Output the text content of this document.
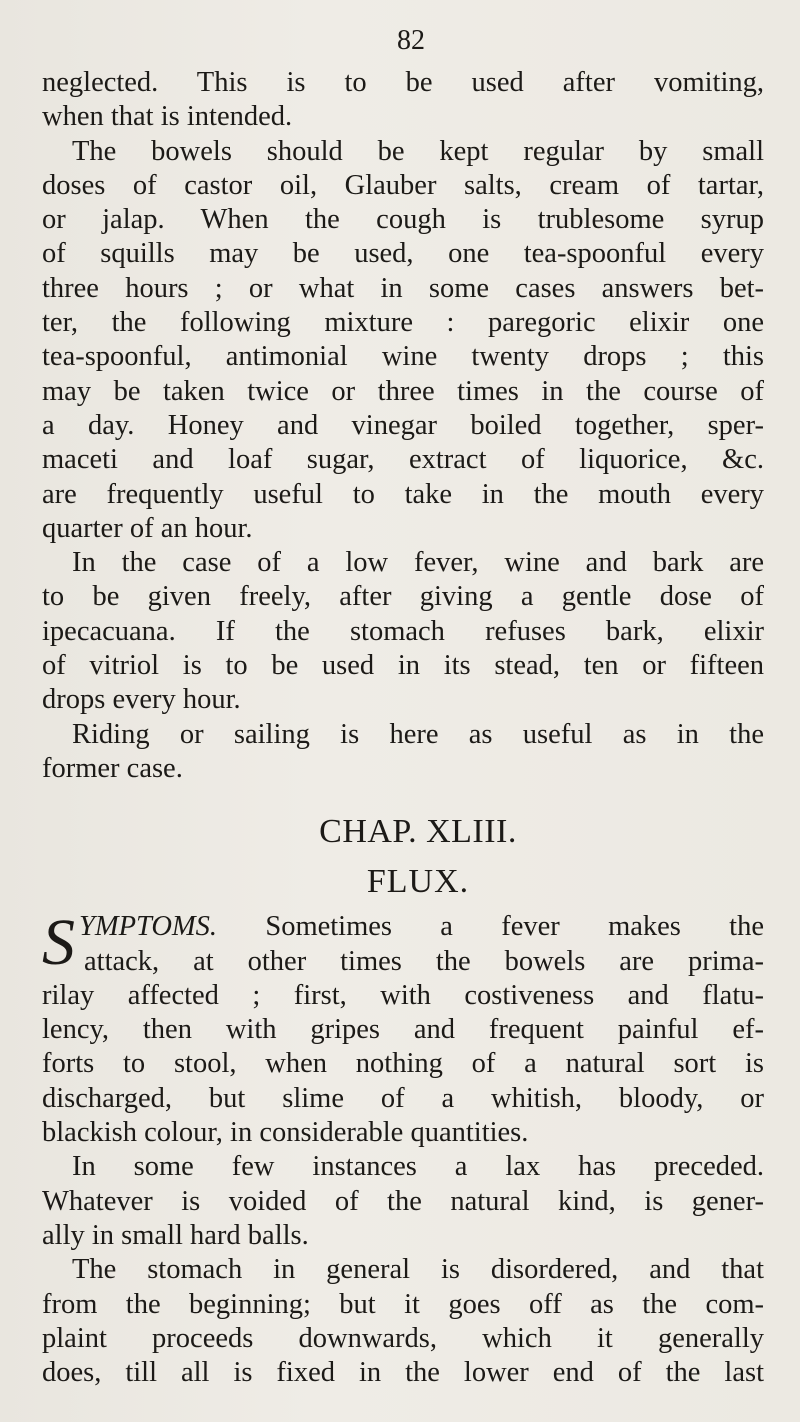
82
neglected. This is to be used after vomiting,
when that is intended.
The bowels should be kept regular by small
doses of castor oil, Glauber salts, cream of tartar,
or jalap. When the cough is trublesome syrup
of squills may be used, one tea-spoonful every
three hours ; or what in some cases answers bet-
ter, the following mixture : paregoric elixir one
tea-spoonful, antimonial wine twenty drops ; this
may be taken twice or three times in the course of
a day. Honey and vinegar boiled together, sper-
maceti and loaf sugar, extract of liquorice, &c.
are frequently useful to take in the mouth every
quarter of an hour.
In the case of a low fever, wine and bark are
to be given freely, after giving a gentle dose of
ipecacuana. If the stomach refuses bark, elixir
of vitriol is to be used in its stead, ten or fifteen
drops every hour.
Riding or sailing is here as useful as in the
former case.
CHAP. XLIII.
FLUX.
S YMPTOMS. Sometimes a fever makes the
attack, at other times the bowels are prima-
rilay affected ; first, with costiveness and flatu-
lency, then with gripes and frequent painful ef-
forts to stool, when nothing of a natural sort is
discharged, but slime of a whitish, bloody, or
blackish colour, in considerable quantities.
In some few instances a lax has preceded.
Whatever is voided of the natural kind, is gener-
ally in small hard balls.
The stomach in general is disordered, and that
from the beginning; but it goes off as the com-
plaint proceeds downwards, which it generally
does, till all is fixed in the lower end of the last
